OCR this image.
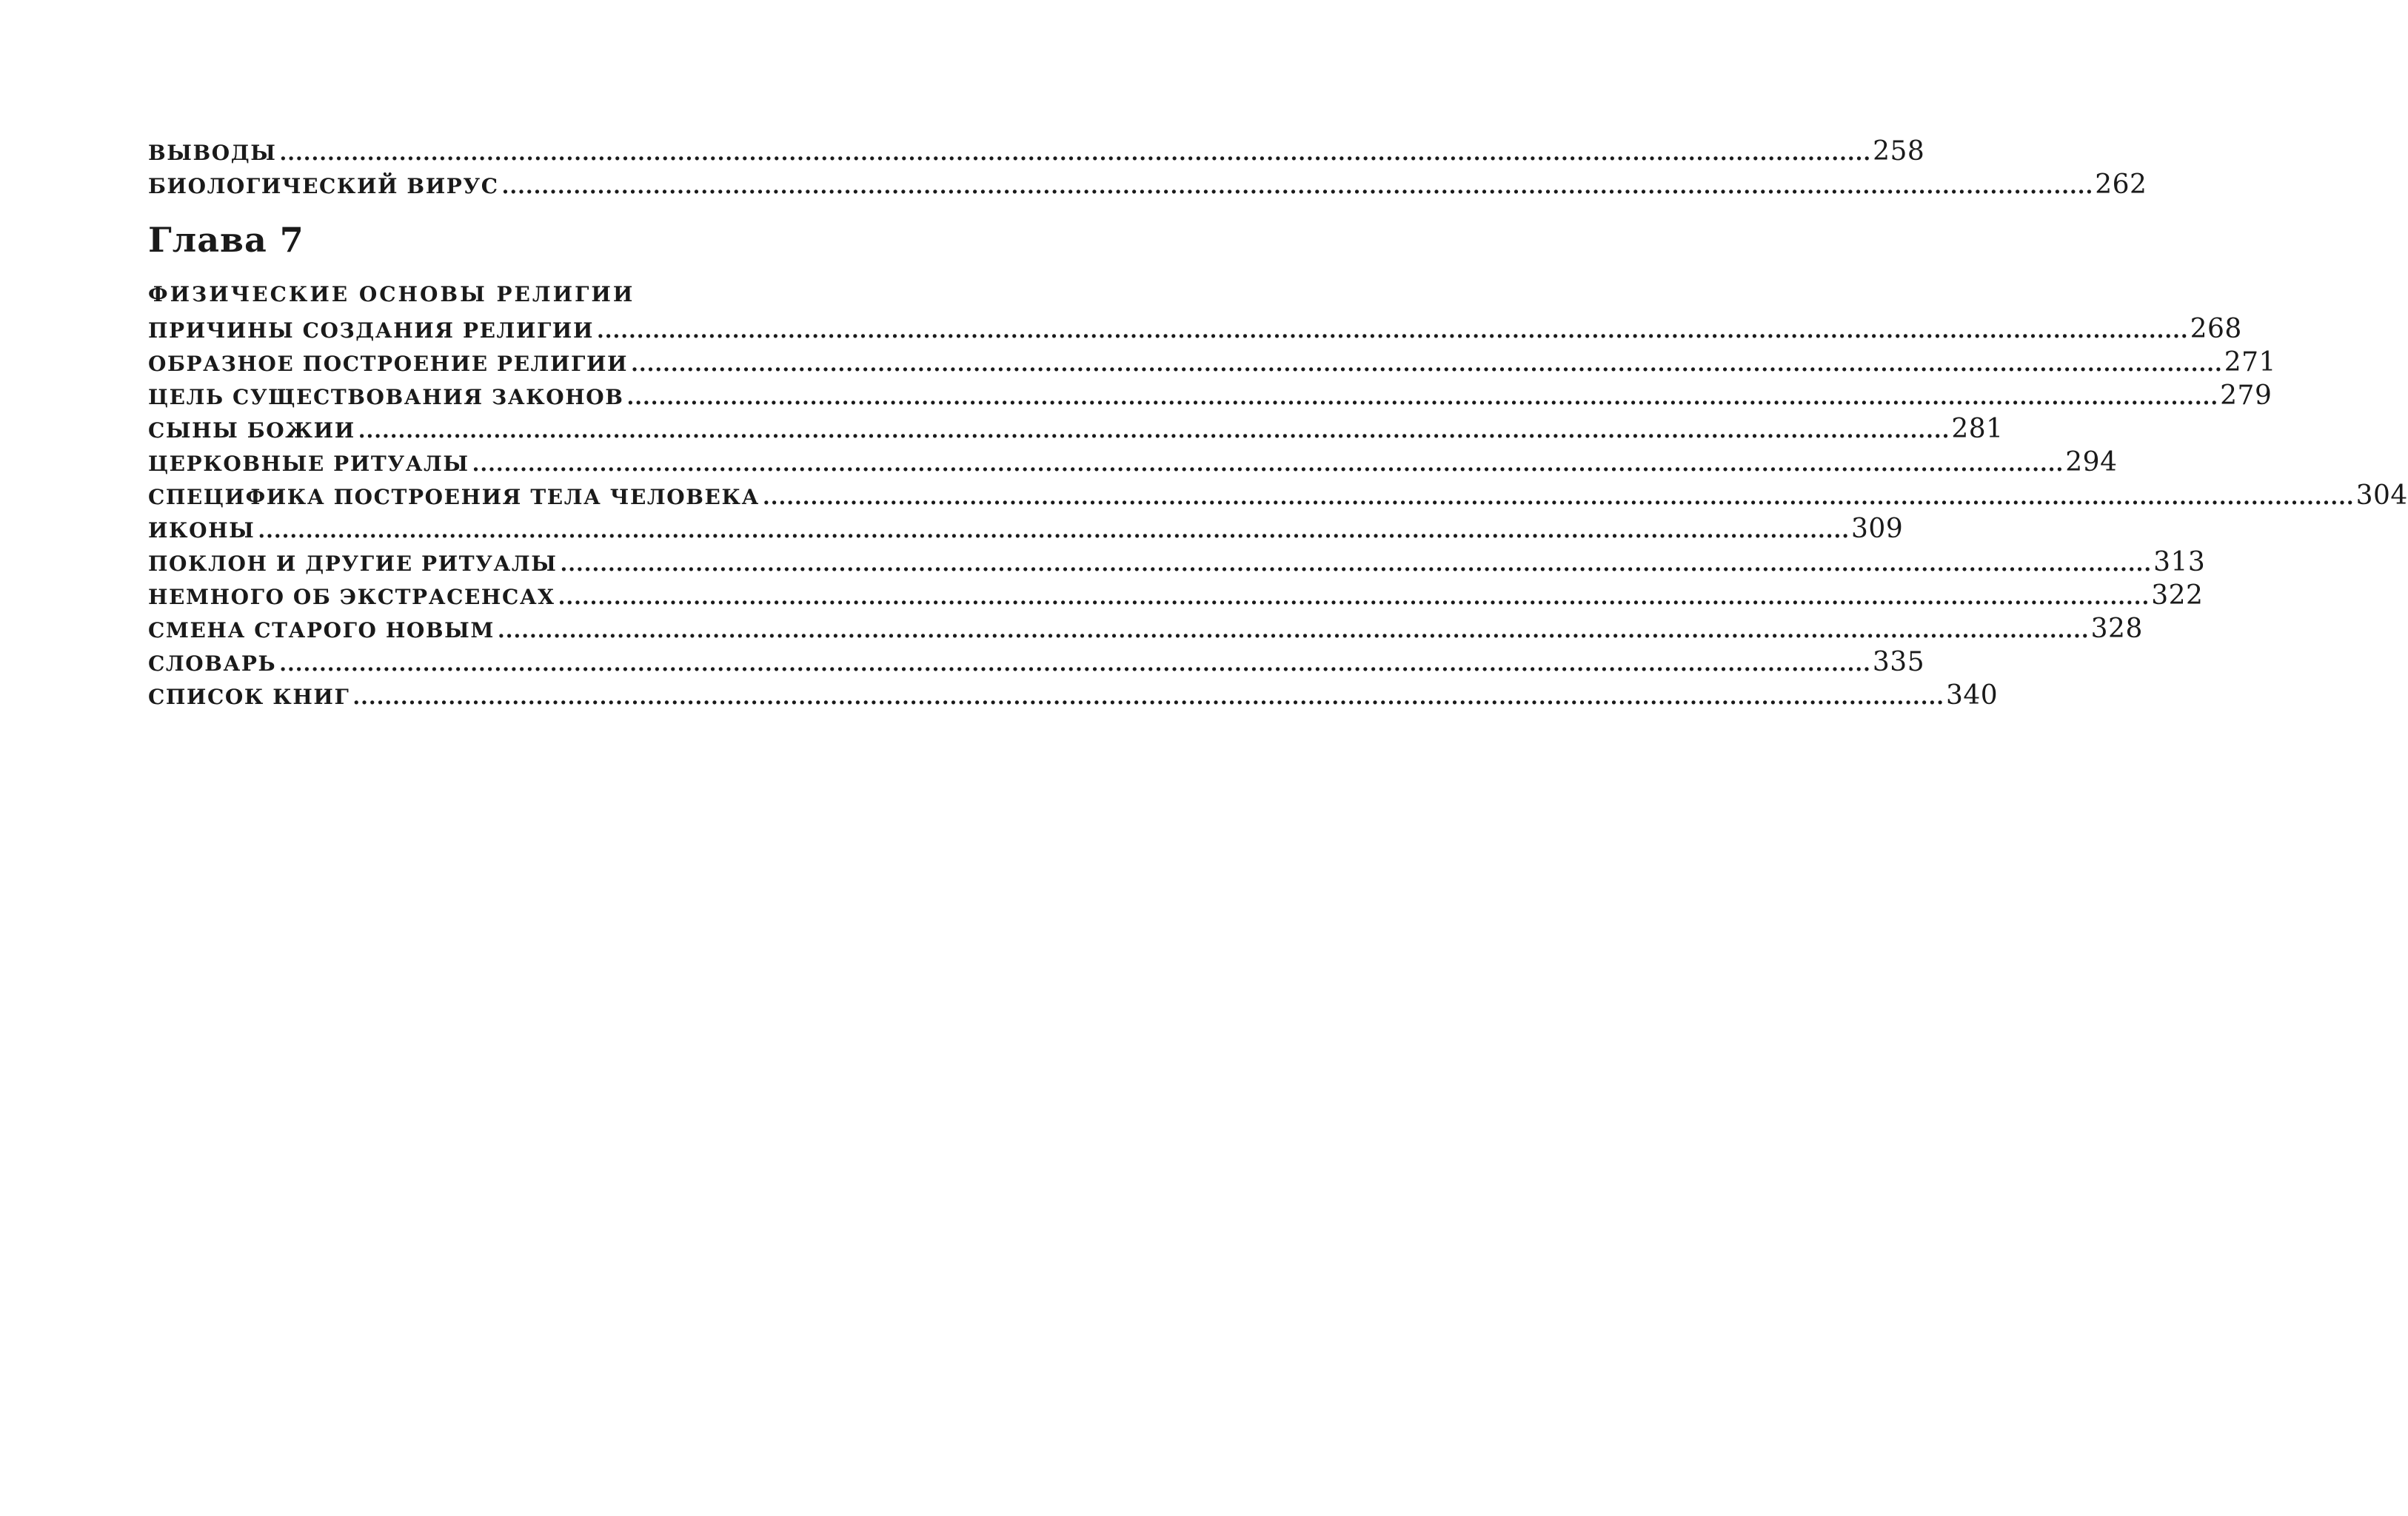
ВЫВОДЫ ........................................................................................................................................................................................................ 258
БИОЛОГИЧЕСКИЙ ВИРУС ........................................................................................................................................................................................................ 262
Глава 7
ФИЗИЧЕСКИЕ ОСНОВЫ РЕЛИГИИ
ПРИЧИНЫ СОЗДАНИЯ РЕЛИГИИ ........................................................................................................................................................................................................ 268
ОБРАЗНОЕ ПОСТРОЕНИЕ РЕЛИГИИ ........................................................................................................................................................................................................ 271
ЦЕЛЬ СУЩЕСТВОВАНИЯ ЗАКОНОВ ........................................................................................................................................................................................................ 279
СЫНЫ БОЖИИ ........................................................................................................................................................................................................ 281
ЦЕРКОВНЫЕ РИТУАЛЫ ........................................................................................................................................................................................................ 294
СПЕЦИФИКА ПОСТРОЕНИЯ ТЕЛА ЧЕЛОВЕКА ........................................................................................................................................................................................................ 304
ИКОНЫ ........................................................................................................................................................................................................ 309
ПОКЛОН И ДРУГИЕ РИТУАЛЫ ........................................................................................................................................................................................................ 313
НЕМНОГО ОБ ЭКСТРАСЕНСАХ ........................................................................................................................................................................................................ 322
СМЕНА СТАРОГО НОВЫМ ........................................................................................................................................................................................................ 328
СЛОВАРЬ ........................................................................................................................................................................................................ 335
СПИСОК КНИГ ........................................................................................................................................................................................................ 340
